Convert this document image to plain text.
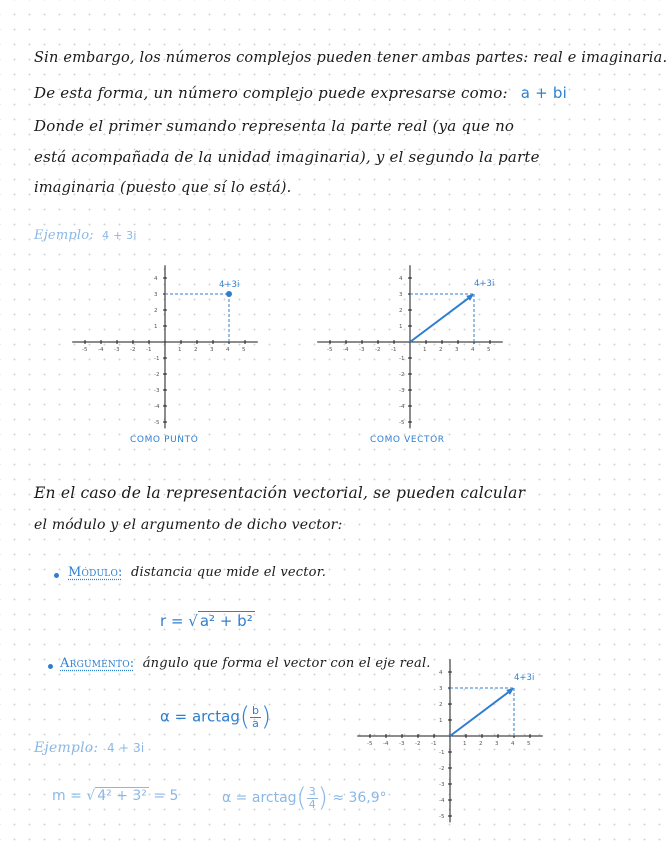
Sin embargo, los números complejos pueden tener ambas partes: real e imaginaria.
De esta forma, un número complejo puede expresarse como: a + bi
Donde el primer sumando representa la parte real (ya que no
está acompañada de la unidad imaginaria), y el segundo la parte
imaginaria (puesto que sí lo está).
Ejemplo: 4 + 3i
-5 -4 -3 -2 -1	1 2 3 4 5
4
3
2
1
-1
-2
-3
-4
-5
4+3i
COMO PUNTO
-5 -4 -3 -2 -1	1 2 3 4 5
4
3
2
1
-1
-2
-3
-4
-5
4+3i
COMO VECTOR
En el caso de la representación vectorial, se pueden calcular
el módulo y el argumento de dicho vector:
Módulo: distancia que mide el vector.
r = √ a² + b²
Argumento: ángulo que forma el vector con el eje real.
α = arctag( $\frac{b}{a}$ )
-5 -4 -3 -2 -1	1 2 3 4 5
4
3
2
1
-1
-2
-3
-4
-5
4+3i
Ejemplo: 4 + 3i
m = √ 4² + 3² = 5	α = arctag( $\frac{3}{4}$ ) ≈ 36,9°
